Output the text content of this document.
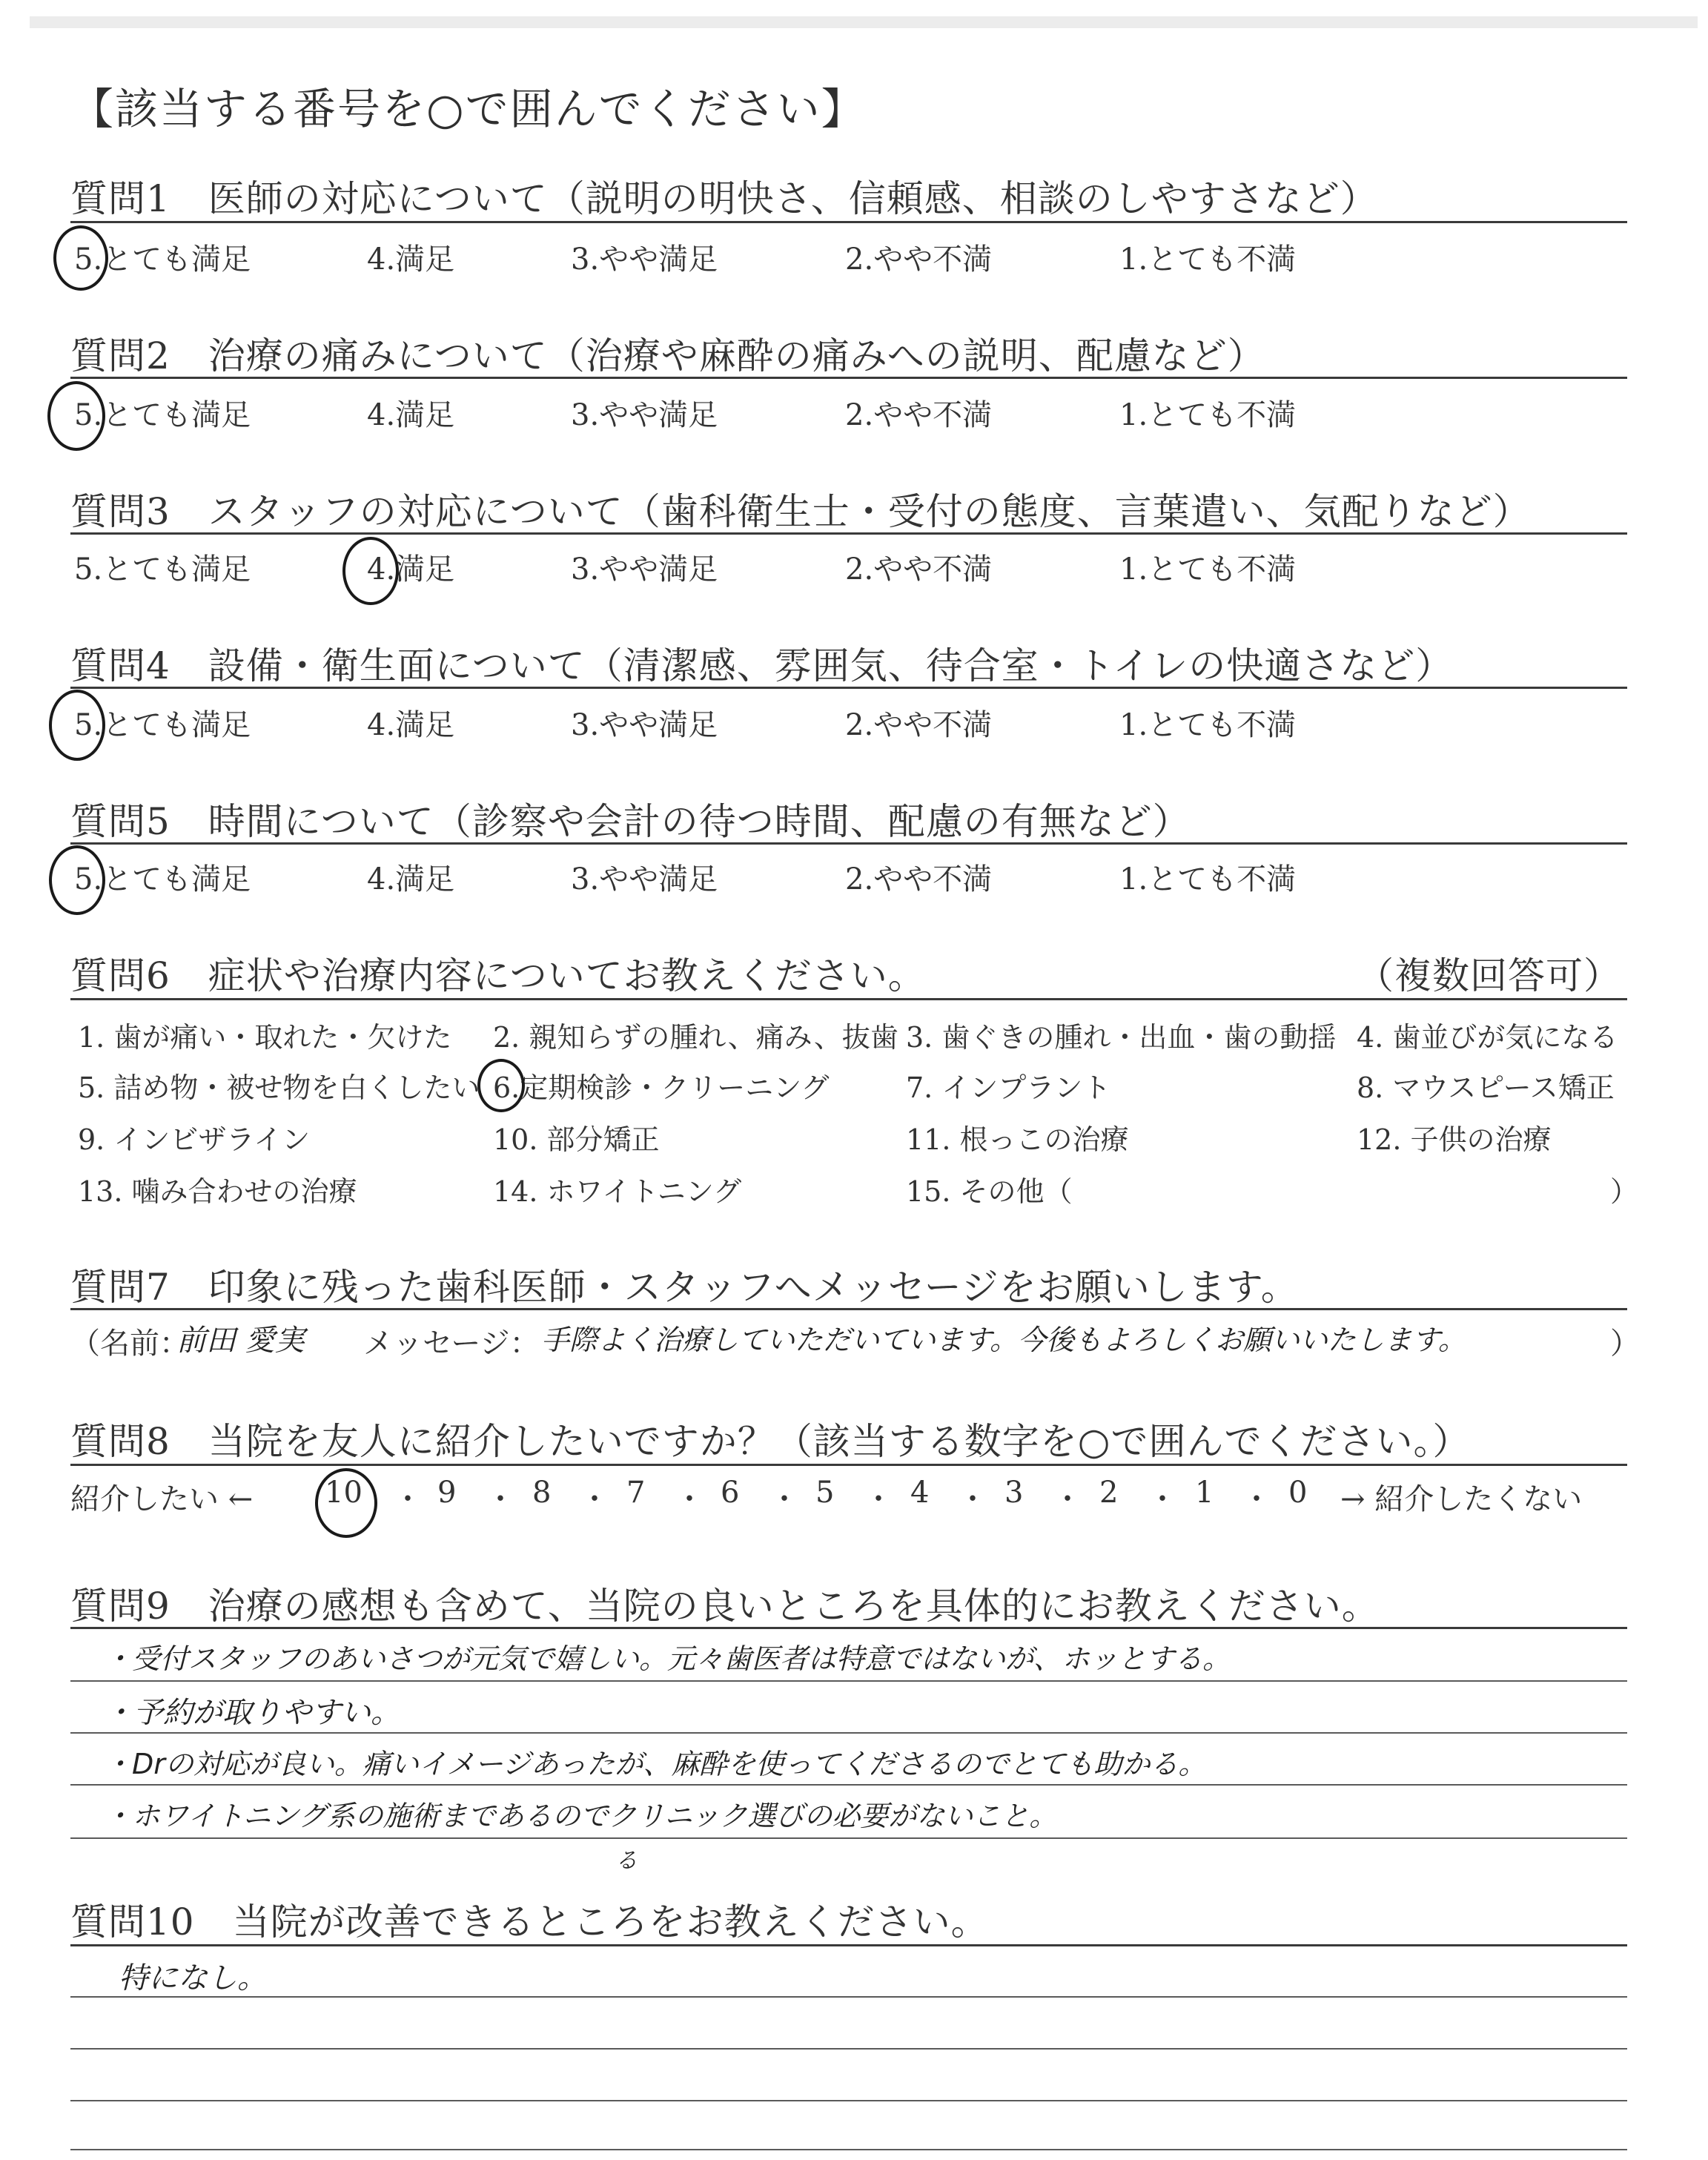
【該当する番号を○で囲んでください】
質問1　医師の対応について（説明の明快さ、信頼感、相談のしやすさなど）
5.とても満足	4.満足	3.やや満足	2.やや不満	1.とても不満
質問2　治療の痛みについて（治療や麻酔の痛みへの説明、配慮など）
5.とても満足	4.満足	3.やや満足	2.やや不満	1.とても不満
質問3　スタッフの対応について（歯科衛生士・受付の態度、言葉遣い、気配りなど）
5.とても満足	4.満足	3.やや満足	2.やや不満	1.とても不満
質問4　設備・衛生面について（清潔感、雰囲気、待合室・トイレの快適さなど）
5.とても満足	4.満足	3.やや満足	2.やや不満	1.とても不満
質問5　時間について（診察や会計の待つ時間、配慮の有無など）
5.とても満足	4.満足	3.やや満足	2.やや不満	1.とても不満
質問6　症状や治療内容についてお教えください。	（複数回答可）
1. 歯が痛い・取れた・欠けた 2. 親知らずの腫れ、痛み、抜歯 3. 歯ぐきの腫れ・出血・歯の動揺 4. 歯並びが気になる
5. 詰め物・被せ物を白くしたい 6.定期検診・クリーニング	7. インプラント	8. マウスピース矯正
9. インビザライン	10. 部分矯正	11. 根っこの治療	12. 子供の治療
13. 噛み合わせの治療	14. ホワイトニング	15. その他（	）
質問7　印象に残った歯科医師・スタッフへメッセージをお願いします。
（名前：
前田 愛実 メッセージ： 手際よく治療していただいています。今後もよろしくお願いいたします。	）
質問8　当院を友人に紹介したいですか？（該当する数字を○で囲んでください。）
紹介したい ← 10 ・ 9 ・ 8 ・ 7 ・ 6 ・ 5 ・ 4 ・ 3 ・ 2 ・ 1 ・ 0 → 紹介したくない
質問9　治療の感想も含めて、当院の良いところを具体的にお教えください。
・受付スタッフのあいさつが元気で嬉しい。元々歯医者は特意ではないが、ホッとする。
・予約が取りやすい。
・Drの対応が良い。痛いイメージあったが、麻酔を使ってくださるのでとても助かる。
・ホワイトニング系の施術まであるのでクリニック選びの必要がないこと。
る
質問10　当院が改善できるところをお教えください。
特になし。
